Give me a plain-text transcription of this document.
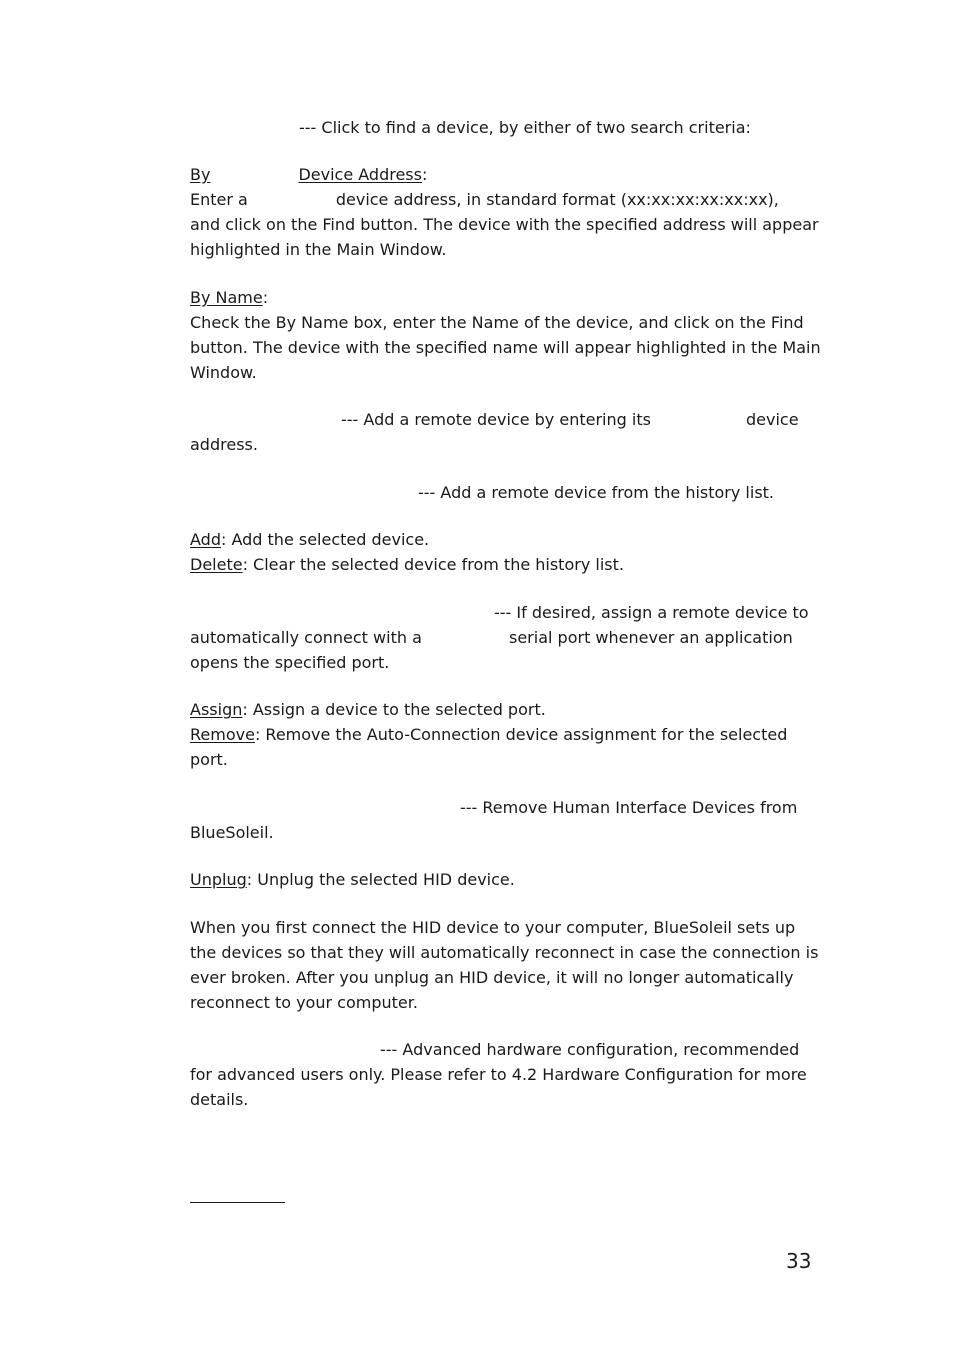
--- Click to find a device, by either of two search criteria:
By	Device Address:
Enter a	device address, in standard format (xx:xx:xx:xx:xx:xx),
and click on the Find button. The device with the specified address will appear
highlighted in the Main Window.
By Name:
Check the By Name box, enter the Name of the device, and click on the Find
button. The device with the specified name will appear highlighted in the Main
Window.
--- Add a remote device by entering its	device
address.
--- Add a remote device from the history list.
Add: Add the selected device.
Delete: Clear the selected device from the history list.
--- If desired, assign a remote device to
automatically connect with a	serial port whenever an application
opens the specified port.
Assign: Assign a device to the selected port.
Remove: Remove the Auto-Connection device assignment for the selected
port.
--- Remove Human Interface Devices from
BlueSoleil.
Unplug: Unplug the selected HID device.
When you first connect the HID device to your computer, BlueSoleil sets up
the devices so that they will automatically reconnect in case the connection is
ever broken. After you unplug an HID device, it will no longer automatically
reconnect to your computer.
--- Advanced hardware configuration, recommended
for advanced users only. Please refer to 4.2 Hardware Configuration for more
details.
33
